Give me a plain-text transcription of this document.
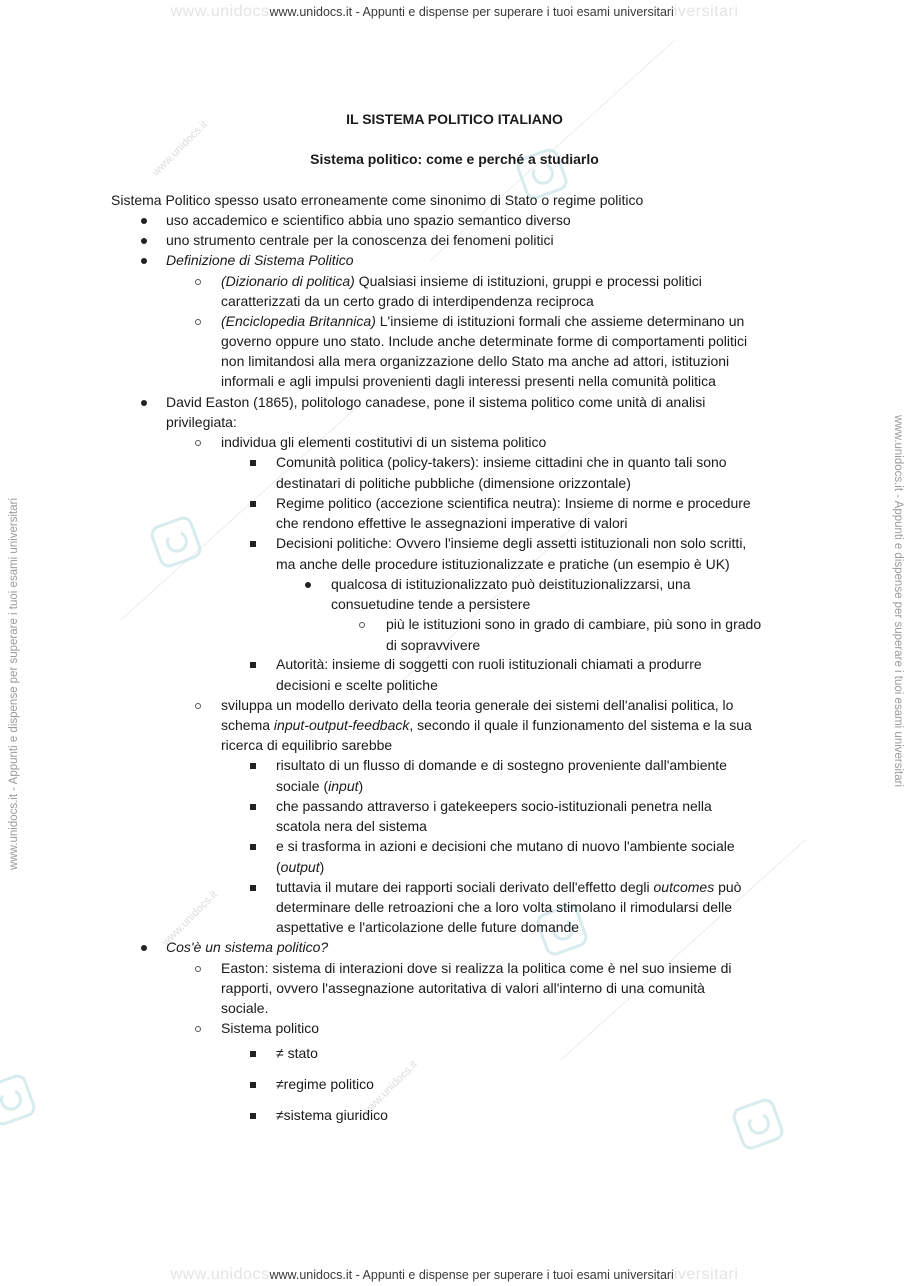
www.unidocswww.unidocs.it - Appunti e dispense per superare i tuoi esami universitariiversitari
www.unidocswww.unidocs.it - Appunti e dispense per superare i tuoi esami universitariiversitari
www.unidocs.it - Appunti e dispense per superare i tuoi esami universitari	www.unidocs.it - Appunti e dispense per superare i tuoi esami universitari
www.unidocs.it
www.unidocs.it
www.unidocs.it
IL SISTEMA POLITICO ITALIANO
Sistema politico: come e perché a studiarlo
Sistema Politico spesso usato erroneamente come sinonimo di Stato o regime politico
uso accademico e scientifico abbia uno spazio semantico diverso
uno strumento centrale per la conoscenza dei fenomeni politici
Definizione di Sistema Politico
(Dizionario di politica) Qualsiasi insieme di istituzioni, gruppi e processi politici
caratterizzati da un certo grado di interdipendenza reciproca
(Enciclopedia Britannica) L'insieme di istituzioni formali che assieme determinano un
governo oppure uno stato. Include anche determinate forme di comportamenti politici
non limitandosi alla mera organizzazione dello Stato ma anche ad attori, istituzioni
informali e agli impulsi provenienti dagli interessi presenti nella comunità politica
David Easton (1865), politologo canadese, pone il sistema politico come unità di analisi
privilegiata:
individua gli elementi costitutivi di un sistema politico
Comunità politica (policy-takers): insieme cittadini che in quanto tali sono
destinatari di politiche pubbliche (dimensione orizzontale)
Regime politico (accezione scientifica neutra): Insieme di norme e procedure
che rendono effettive le assegnazioni imperative di valori
Decisioni politiche: Ovvero l'insieme degli assetti istituzionali non solo scritti,
ma anche delle procedure istituzionalizzate e pratiche (un esempio è UK)
qualcosa di istituzionalizzato può deistituzionalizzarsi, una
consuetudine tende a persistere
più le istituzioni sono in grado di cambiare, più sono in grado
di sopravvivere
Autorità: insieme di soggetti con ruoli istituzionali chiamati a produrre
decisioni e scelte politiche
sviluppa un modello derivato della teoria generale dei sistemi dell'analisi politica, lo
schema input-output-feedback, secondo il quale il funzionamento del sistema e la sua
ricerca di equilibrio sarebbe
risultato di un flusso di domande e di sostegno proveniente dall'ambiente
sociale (input)
che passando attraverso i gatekeepers socio-istituzionali penetra nella
scatola nera del sistema
e si trasforma in azioni e decisioni che mutano di nuovo l'ambiente sociale
(output)
tuttavia il mutare dei rapporti sociali derivato dell'effetto degli outcomes può
determinare delle retroazioni che a loro volta stimolano il rimodularsi delle
aspettative e l'articolazione delle future domande
Cos'è un sistema politico?
Easton: sistema di interazioni dove si realizza la politica come è nel suo insieme di
rapporti, ovvero l'assegnazione autoritativa di valori all'interno di una comunità
sociale.
Sistema politico
≠ stato
≠regime politico
≠sistema giuridico
